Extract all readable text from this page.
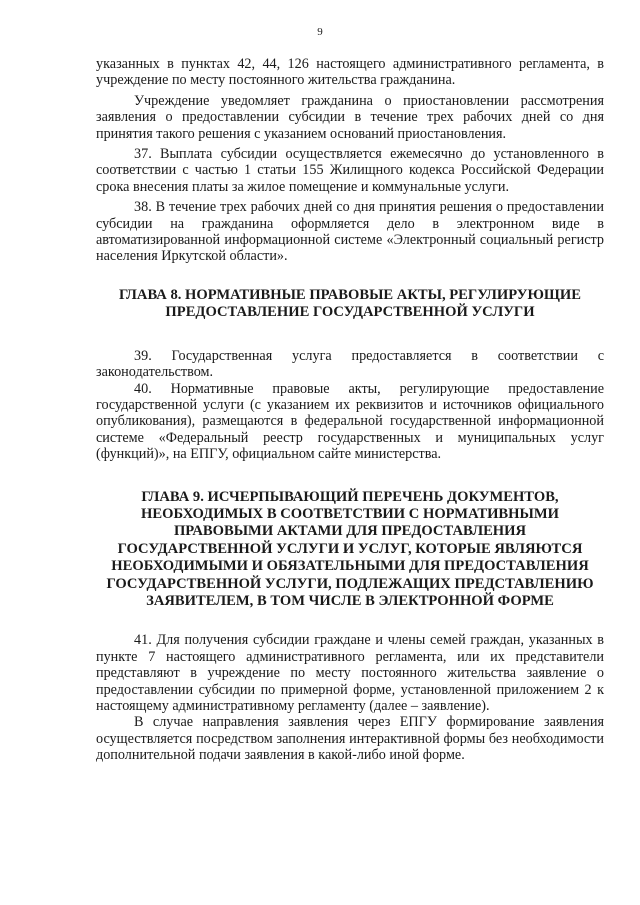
9

указанных в пунктах 42, 44, 126 настоящего административного регламента, в учреждение по месту постоянного жительства гражданина.

Учреждение уведомляет гражданина о приостановлении рассмотрения заявления о предоставлении субсидии в течение трех рабочих дней со дня принятия такого решения с указанием оснований приостановления.

37. Выплата субсидии осуществляется ежемесячно до установленного в соответствии с частью 1 статьи 155 Жилищного кодекса Российской Федерации срока внесения платы за жилое помещение и коммунальные услуги.

38. В течение трех рабочих дней со дня принятия решения о предоставлении субсидии на гражданина оформляется дело в электронном виде в автоматизированной информационной системе «Электронный социальный регистр населения Иркутской области».

ГЛАВА 8. НОРМАТИВНЫЕ ПРАВОВЫЕ АКТЫ, РЕГУЛИРУЮЩИЕ ПРЕДОСТАВЛЕНИЕ ГОСУДАРСТВЕННОЙ УСЛУГИ

39. Государственная услуга предоставляется в соответствии с законодательством.

40. Нормативные правовые акты, регулирующие предоставление государственной услуги (с указанием их реквизитов и источников официального опубликования), размещаются в федеральной государственной информационной системе «Федеральный реестр государственных и муниципальных услуг (функций)», на ЕПГУ, официальном сайте министерства.

ГЛАВА 9. ИСЧЕРПЫВАЮЩИЙ ПЕРЕЧЕНЬ ДОКУМЕНТОВ, НЕОБХОДИМЫХ В СООТВЕТСТВИИ С НОРМАТИВНЫМИ ПРАВОВЫМИ АКТАМИ ДЛЯ ПРЕДОСТАВЛЕНИЯ ГОСУДАРСТВЕННОЙ УСЛУГИ И УСЛУГ, КОТОРЫЕ ЯВЛЯЮТСЯ НЕОБХОДИМЫМИ И ОБЯЗАТЕЛЬНЫМИ ДЛЯ ПРЕДОСТАВЛЕНИЯ ГОСУДАРСТВЕННОЙ УСЛУГИ, ПОДЛЕЖАЩИХ ПРЕДСТАВЛЕНИЮ ЗАЯВИТЕЛЕМ, В ТОМ ЧИСЛЕ В ЭЛЕКТРОННОЙ ФОРМЕ

41. Для получения субсидии граждане и члены семей граждан, указанных в пункте 7 настоящего административного регламента, или их представители представляют в учреждение по месту постоянного жительства заявление о предоставлении субсидии по примерной форме, установленной приложением 2 к настоящему административному регламенту (далее – заявление).

В случае направления заявления через ЕПГУ формирование заявления осуществляется посредством заполнения интерактивной формы без необходимости дополнительной подачи заявления в какой-либо иной форме.
